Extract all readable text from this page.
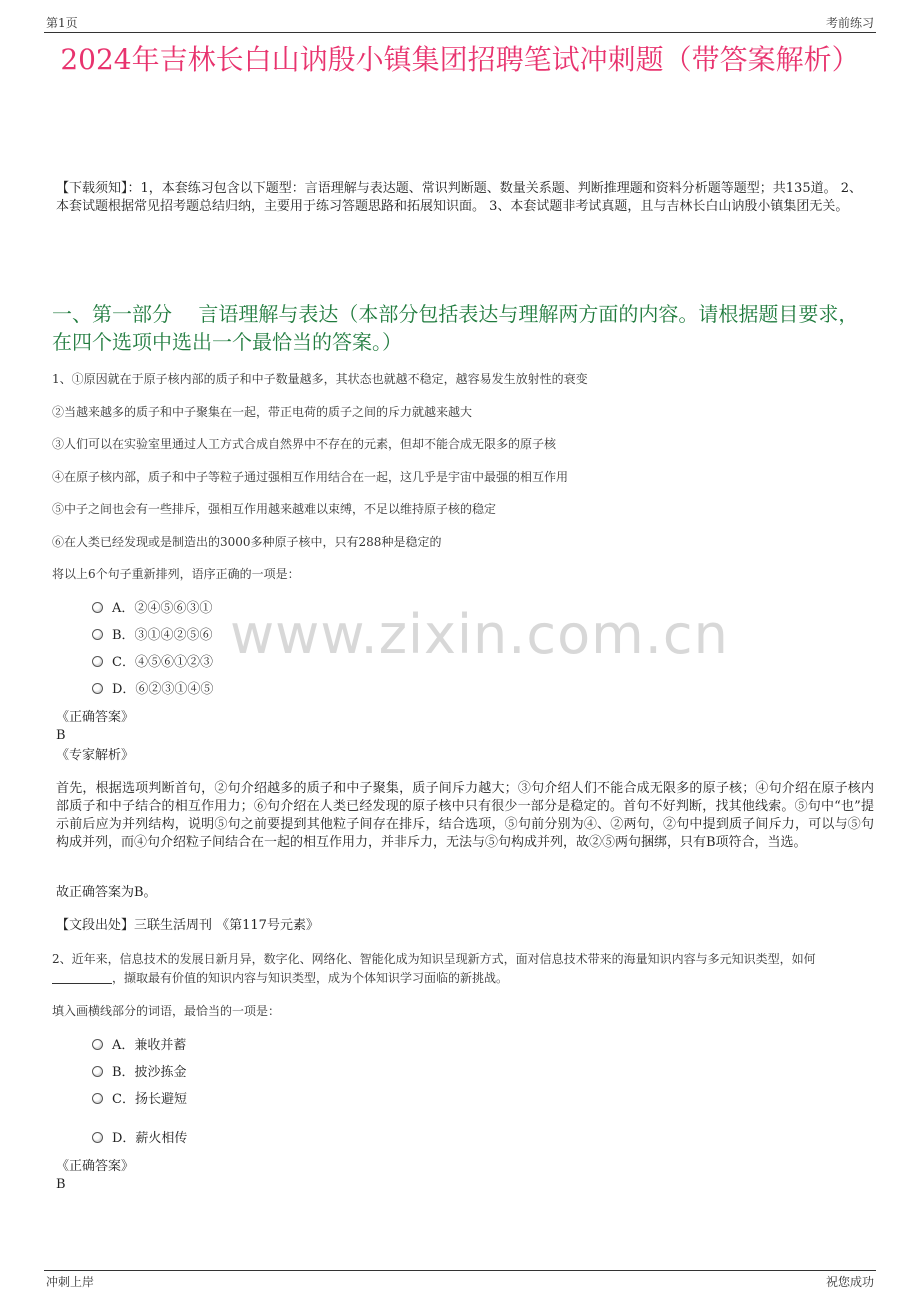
第1页	考前练习
2024年吉林长白山讷殷小镇集团招聘笔试冲刺题（带答案解析）
【下载须知】：1，本套练习包含以下题型：言语理解与表达题、常识判断题、数量关系题、判断推理题和资料分析题等题型；共135道。 2、本套试题根据常见招考题总结归纳，主要用于练习答题思路和拓展知识面。 3、本套试题非考试真题，且与吉林长白山讷殷小镇集团无关。
一、第一部分　 言语理解与表达（本部分包括表达与理解两方面的内容。请根据题目要求，在四个选项中选出一个最恰当的答案。）
1、①原因就在于原子核内部的质子和中子数量越多，其状态也就越不稳定，越容易发生放射性的衰变
②当越来越多的质子和中子聚集在一起，带正电荷的质子之间的斥力就越来越大
③人们可以在实验室里通过人工方式合成自然界中不存在的元素，但却不能合成无限多的原子核
④在原子核内部，质子和中子等粒子通过强相互作用结合在一起，这几乎是宇宙中最强的相互作用
⑤中子之间也会有一些排斥，强相互作用越来越难以束缚，不足以维持原子核的稳定
⑥在人类已经发现或是制造出的3000多种原子核中，只有288种是稳定的
将以上6个句子重新排列，语序正确的一项是：
www.zixin.com.cn
A．②④⑤⑥③①
B．③①④②⑤⑥
C．④⑤⑥①②③
D．⑥②③①④⑤
《正确答案》
B
《专家解析》
首先，根据选项判断首句，②句介绍越多的质子和中子聚集，质子间斥力越大；③句介绍人们不能合成无限多的原子核；④句介绍在原子核内部质子和中子结合的相互作用力；⑥句介绍在人类已经发现的原子核中只有很少一部分是稳定的。首句不好判断，找其他线索。⑤句中“也”提示前后应为并列结构，说明⑤句之前要提到其他粒子间存在排斥，结合选项，⑤句前分别为④、②两句，②句中提到质子间斥力，可以与⑤句构成并列，而④句介绍粒子间结合在一起的相互作用力，并非斥力，无法与⑤句构成并列，故②⑤两句捆绑，只有B项符合，当选。
故正确答案为B。
【文段出处】三联生活周刊 《第117号元素》
2、近年来，信息技术的发展日新月异，数字化、网络化、智能化成为知识呈现新方式，面对信息技术带来的海量知识内容与多元知识类型，如何，撷取最有价值的知识内容与知识类型，成为个体知识学习面临的新挑战。
填入画横线部分的词语，最恰当的一项是：
A．兼收并蓄
B．披沙拣金
C．扬长避短
D．薪火相传
《正确答案》
B
冲刺上岸	祝您成功
